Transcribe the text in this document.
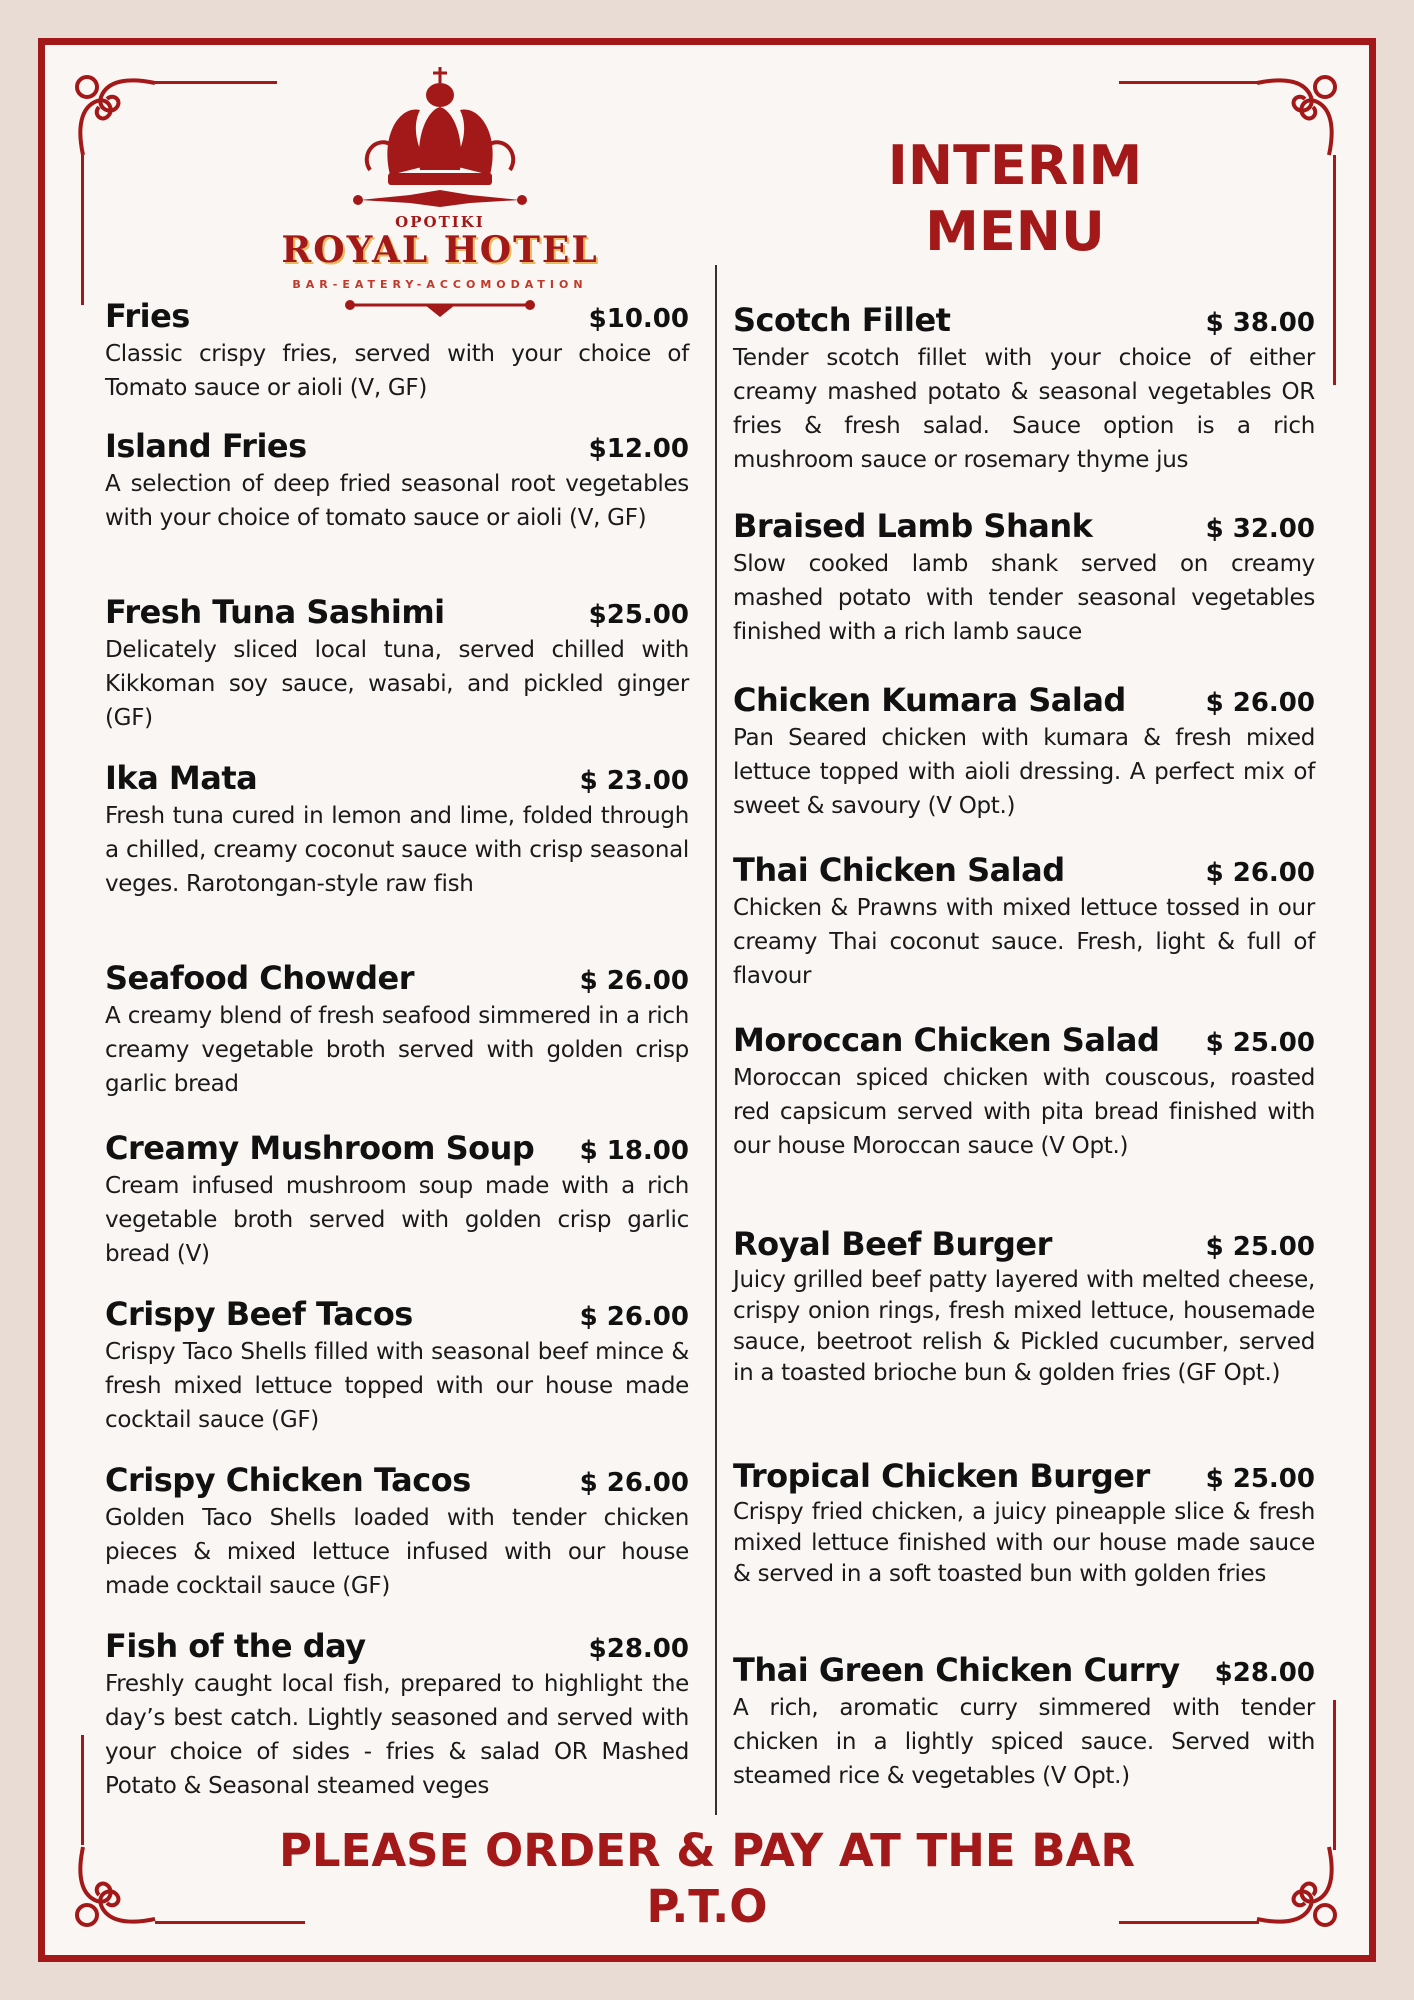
OPOTIKI
ROYAL HOTEL
BAR-EATERY-ACCOMODATION
INTERIM
MENU
Fries	$10.00
Classic crispy fries, served with your choice of Tomato sauce or aioli (V, GF)
Island Fries	$12.00
A selection of deep fried seasonal root vegetables with your choice of tomato sauce or aioli (V, GF)
Fresh Tuna Sashimi	$25.00
Delicately sliced local tuna, served chilled with Kikkoman soy sauce, wasabi, and pickled ginger (GF)
Ika Mata	$ 23.00
Fresh tuna cured in lemon and lime, folded through a chilled, creamy coconut sauce with crisp seasonal veges. Rarotongan-style raw fish
Seafood Chowder	$ 26.00
A creamy blend of fresh seafood simmered in a rich creamy vegetable broth served with golden crisp garlic bread
Creamy Mushroom Soup $ 18.00
Cream infused mushroom soup made with a rich vegetable broth served with golden crisp garlic bread (V)
Crispy Beef Tacos	$ 26.00
Crispy Taco Shells filled with seasonal beef mince & fresh mixed lettuce topped with our house made cocktail sauce (GF)
Crispy Chicken Tacos	$ 26.00
Golden Taco Shells loaded with tender chicken pieces & mixed lettuce infused with our house made cocktail sauce (GF)
Fish of the day	$28.00
Freshly caught local fish, prepared to highlight the day’s best catch. Lightly seasoned and served with your choice of sides - fries & salad OR Mashed Potato & Seasonal steamed veges
Scotch Fillet	$ 38.00
Tender scotch fillet with your choice of either creamy mashed potato & seasonal vegetables OR fries & fresh salad. Sauce option is a rich mushroom sauce or rosemary thyme jus
Braised Lamb Shank	$ 32.00
Slow cooked lamb shank served on creamy mashed potato with tender seasonal vegetables finished with a rich lamb sauce
Chicken Kumara Salad	$ 26.00
Pan Seared chicken with kumara & fresh mixed lettuce topped with aioli dressing. A perfect mix of sweet & savoury (V Opt.)
Thai Chicken Salad	$ 26.00
Chicken & Prawns with mixed lettuce tossed in our creamy Thai coconut sauce. Fresh, light & full of flavour
Moroccan Chicken Salad $ 25.00
Moroccan spiced chicken with couscous, roasted red capsicum served with pita bread finished with our house Moroccan sauce (V Opt.)
Royal Beef Burger	$ 25.00
Juicy grilled beef patty layered with melted cheese, crispy onion rings, fresh mixed lettuce, housemade sauce, beetroot relish & Pickled cucumber, served in a toasted brioche bun & golden fries (GF Opt.)
Tropical Chicken Burger $ 25.00
Crispy fried chicken, a juicy pineapple slice & fresh mixed lettuce finished with our house made sauce & served in a soft toasted bun with golden fries
Thai Green Chicken Curry $28.00
A rich, aromatic curry simmered with tender chicken in a lightly spiced sauce. Served with steamed rice & vegetables (V Opt.)
PLEASE ORDER & PAY AT THE BAR
P.T.O
